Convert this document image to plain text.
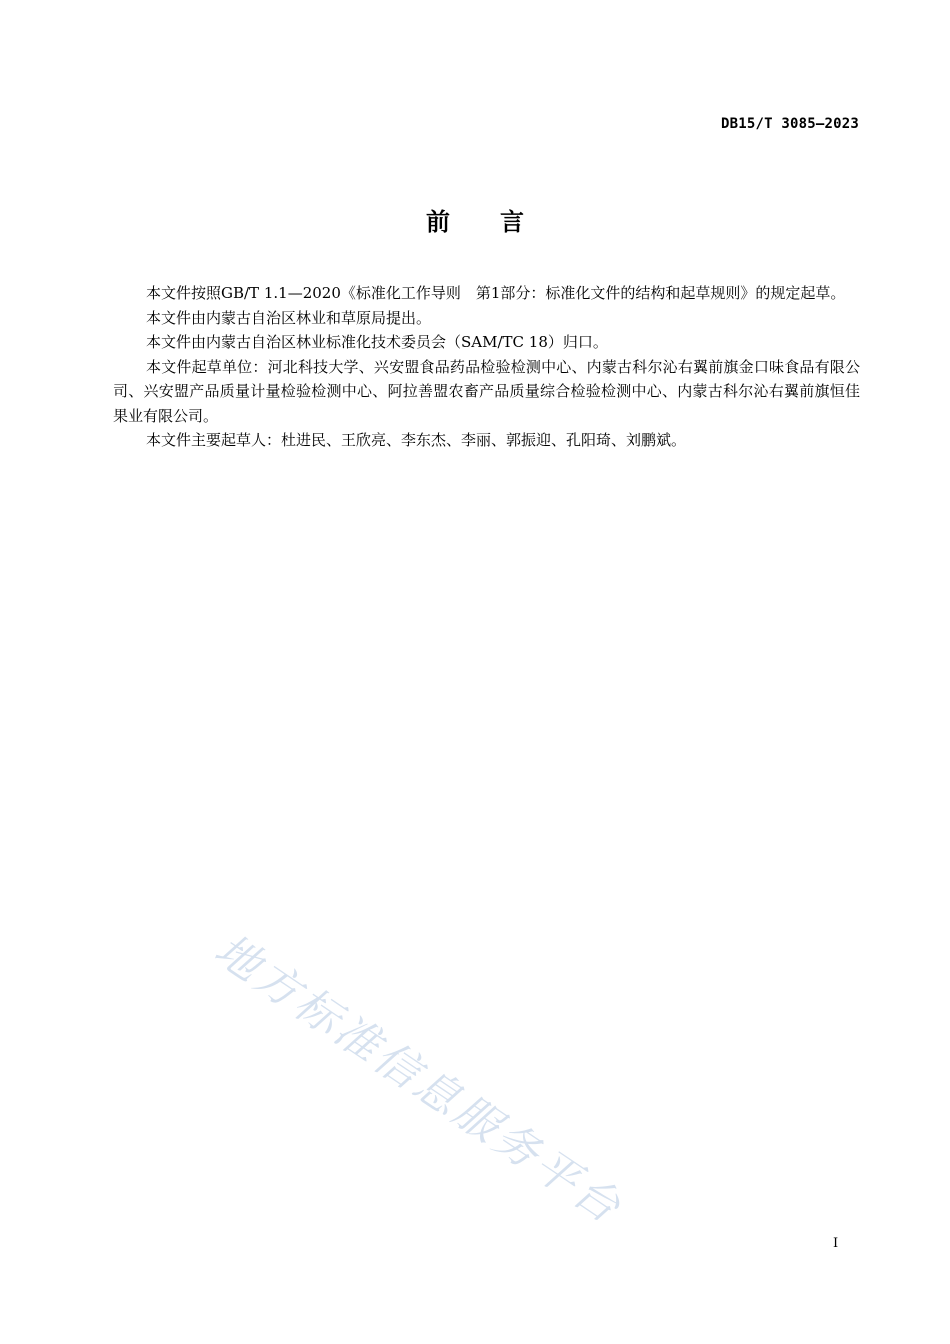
DB15/T 3085—2023
前言

本文件按照GB/T 1.1—2020《标准化工作导则　第1部分：标准化文件的结构和起草规则》的规定起草。

本文件由内蒙古自治区林业和草原局提出。

本文件由内蒙古自治区林业标准化技术委员会（SAM/TC 18）归口。

本文件起草单位：河北科技大学、兴安盟食品药品检验检测中心、内蒙古科尔沁右翼前旗金口味食品有限公司、兴安盟产品质量计量检验检测中心、阿拉善盟农畜产品质量综合检验检测中心、内蒙古科尔沁右翼前旗恒佳果业有限公司。

本文件主要起草人：杜进民、王欣亮、李东杰、李丽、郭振迎、孔阳琦、刘鹏斌。

地方标准信息服务平台
I
